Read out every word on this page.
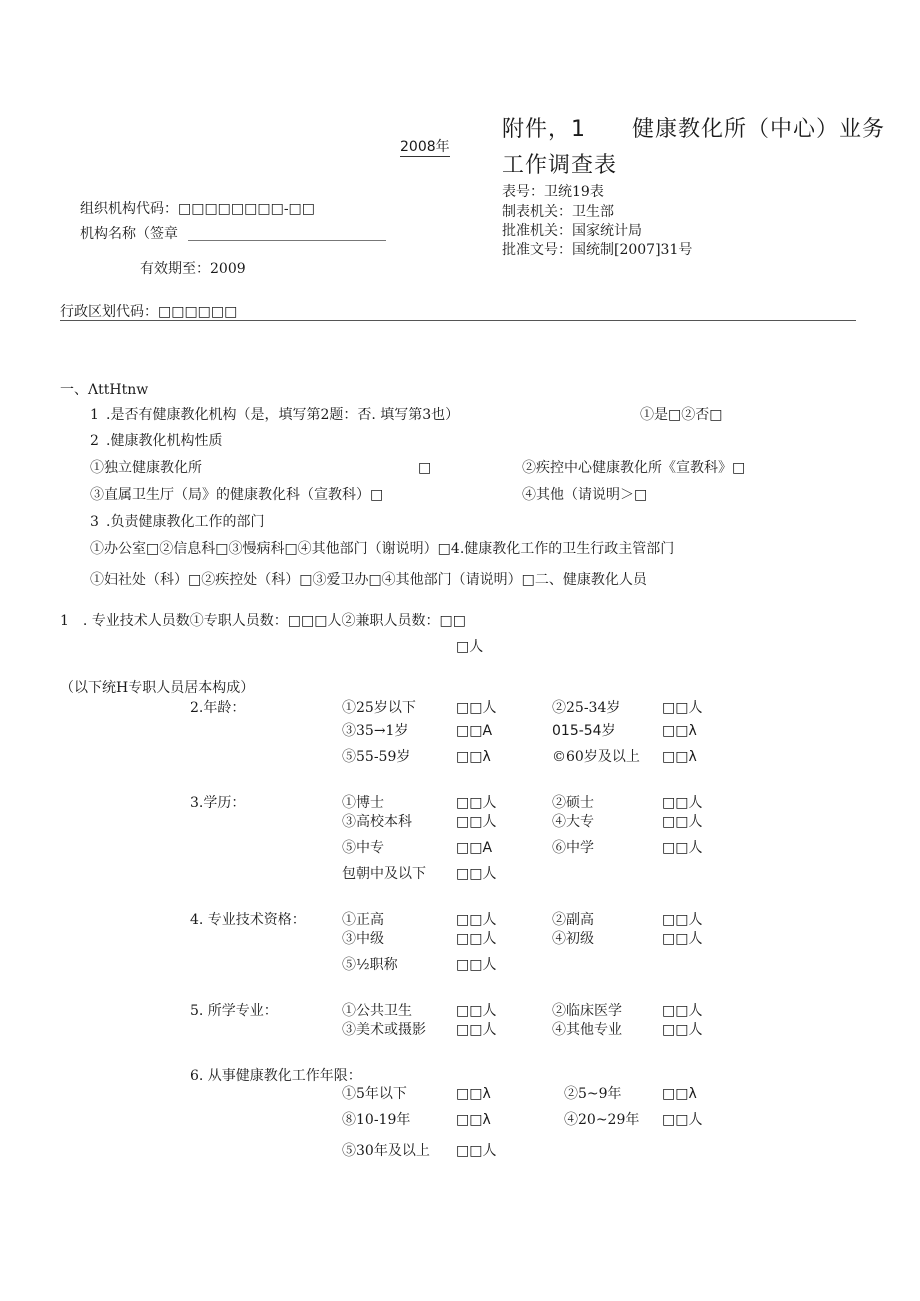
2008年
附件，1　　健康教化所（中心）业务
工作调查表
组织机构代码：□□□□□□□□-□□
机构名称（签章
有效期至：2009
表号：卫统19表
制表机关：卫生部
批准机关：国家统计局
批准文号：国统制[2007]31号
行政区划代码：□□□□□□
一、ΛttHtnw
1 .是否有健康教化机构（是，填写第2题：否. 填写第3也）	①是□②否□
2 .健康教化机构性质
①独立健康教化所	□	②疾控中心健康教化所《宣教科》□
③直属卫生厅（局》的健康教化科（宣教科）□	④其他（请说明＞□
3 .负责健康教化工作的部门
①办公室□②信息科□③慢病科□④其他部门（谢说明）□4.健康教化工作的卫生行政主管部门
①妇社处（科）□②疾控处（科）□③爱卫办□④其他部门（请说明）□二、健康教化人员
1　. 专业技术人员数①专职人员数：□□□人②兼职人员数：□□
□人
（以下统H专职人员居本构成）
2.年龄：	①25岁以下	□□人	②25-34岁	□□人
③35→1岁	□□A	015-54岁	□□λ
⑤55-59岁	□□λ	©60岁及以上 □□λ
3.学历：	①博士	□□人	②硕士	□□人
③高校本科	□□人	④大专	□□人
⑤中专	□□A	⑥中学	□□人
包朝中及以下 □□人
4. 专业技术资格：	①正高	□□人	②副高	□□人
③中级	□□人	④初级	□□人
⑤½职称	□□人
5. 所学专业：	①公共卫生	□□人	②临床医学	□□人
③美术或摄影 □□人	④其他专业	□□人
6. 从事健康教化工作年限：
①5年以下	□□λ	②5~9年	□□λ
⑧10-19年	□□λ	④20~29年 □□人
⑤30年及以上 □□人
